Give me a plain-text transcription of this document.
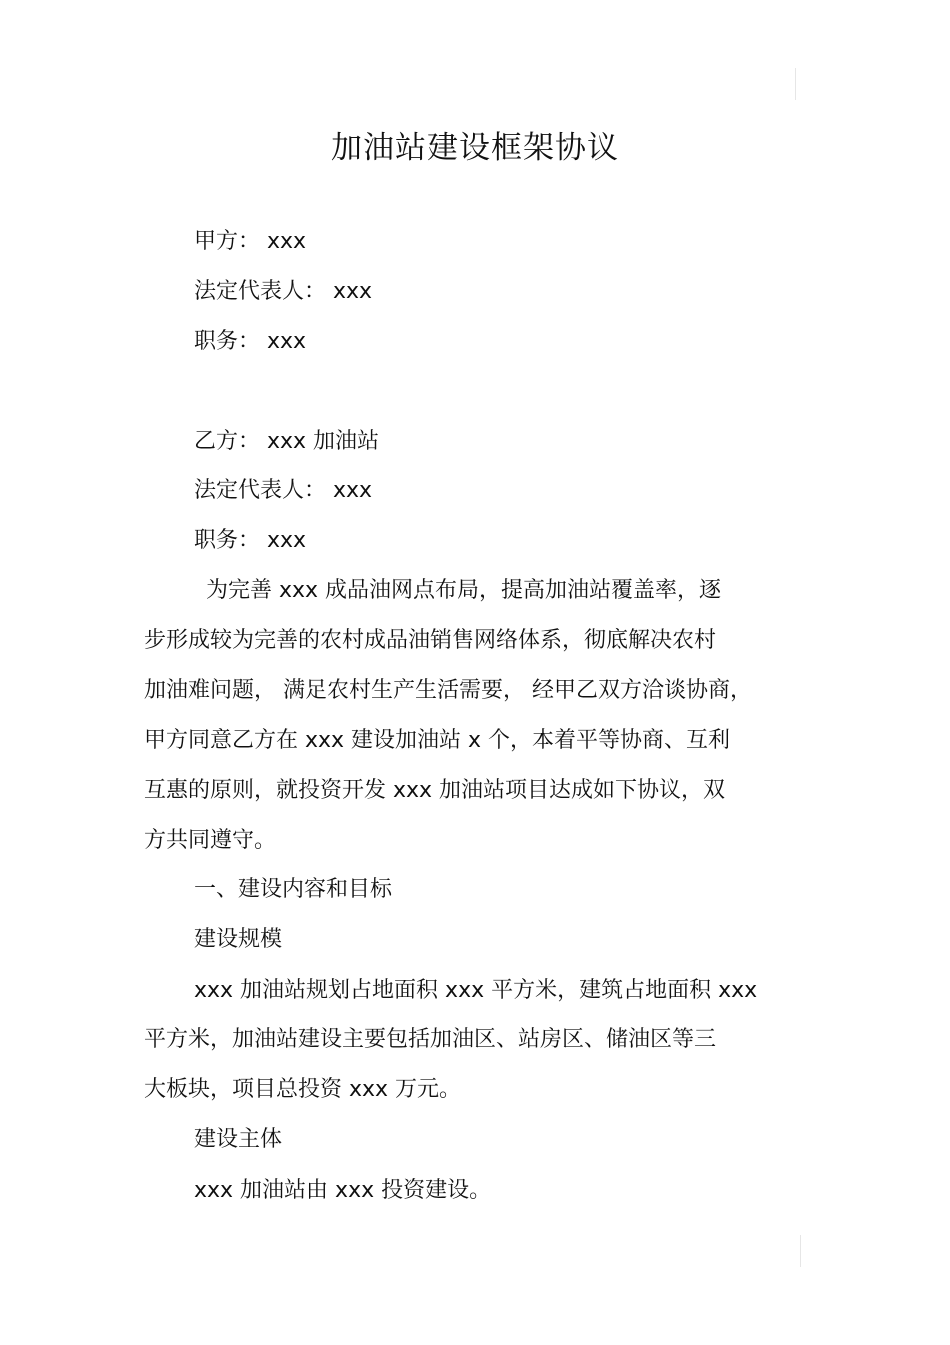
加油站建设框架协议
甲方： xxx
法定代表人： xxx
职务： xxx
乙方： xxx 加油站
法定代表人： xxx
职务： xxx
为完善 xxx 成品油网点布局，提高加油站覆盖率，逐
步形成较为完善的农村成品油销售网络体系，彻底解决农村
加油难问题， 满足农村生产生活需要， 经甲乙双方洽谈协商，
甲方同意乙方在 xxx 建设加油站 x 个，本着平等协商、互利
互惠的原则，就投资开发 xxx 加油站项目达成如下协议，双
方共同遵守。
一、建设内容和目标
建设规模
xxx 加油站规划占地面积 xxx 平方米，建筑占地面积 xxx
平方米，加油站建设主要包括加油区、站房区、储油区等三
大板块，项目总投资 xxx 万元。
建设主体
xxx 加油站由 xxx 投资建设。
